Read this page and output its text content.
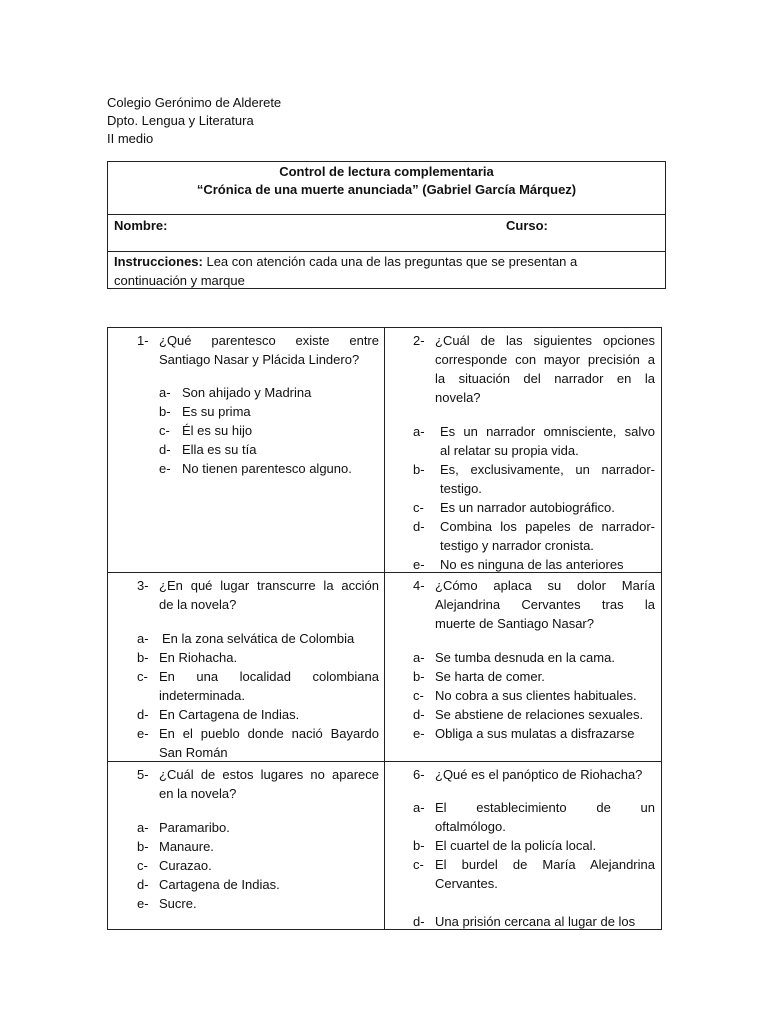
Colegio Gerónimo de Alderete
Dpto. Lengua y Literatura
II medio
Control de lectura complementaria
“Crónica de una muerte anunciada” (Gabriel García Márquez)
Nombre:	Curso:
Instrucciones: Lea con atención cada una de las preguntas que se presentan a
continuación y marque
1- ¿Qué parentesco existe entre
Santiago Nasar y Plácida Lindero?
a- Son ahijado y Madrina
b- Es su prima
c- Él es su hijo
d- Ella es su tía
e- No tienen parentesco alguno.
2- ¿Cuál de las siguientes opciones
corresponde con mayor precisión a
la situación del narrador en la
novela?
a- Es un narrador omnisciente, salvo
al relatar su propia vida.
b- Es, exclusivamente, un narrador-
testigo.
c- Es un narrador autobiográfico.
d- Combina los papeles de narrador-
testigo y narrador cronista.
e- No es ninguna de las anteriores
3- ¿En qué lugar transcurre la acción
de la novela?
a- En la zona selvática de Colombia
b- En Riohacha.
c- En una localidad colombiana
indeterminada.
d- En Cartagena de Indias.
e- En el pueblo donde nació Bayardo
San Román
4- ¿Cómo aplaca su dolor María
Alejandrina Cervantes tras la
muerte de Santiago Nasar?
a- Se tumba desnuda en la cama.
b- Se harta de comer.
c- No cobra a sus clientes habituales.
d- Se abstiene de relaciones sexuales.
e- Obliga a sus mulatas a disfrazarse
5- ¿Cuál de estos lugares no aparece
en la novela?
a- Paramaribo.
b- Manaure.
c- Curazao.
d- Cartagena de Indias.
e- Sucre.
6- ¿Qué es el panóptico de Riohacha?
a- El establecimiento de un
oftalmólogo.
b- El cuartel de la policía local.
c- El burdel de María Alejandrina
Cervantes.
d- Una prisión cercana al lugar de los
